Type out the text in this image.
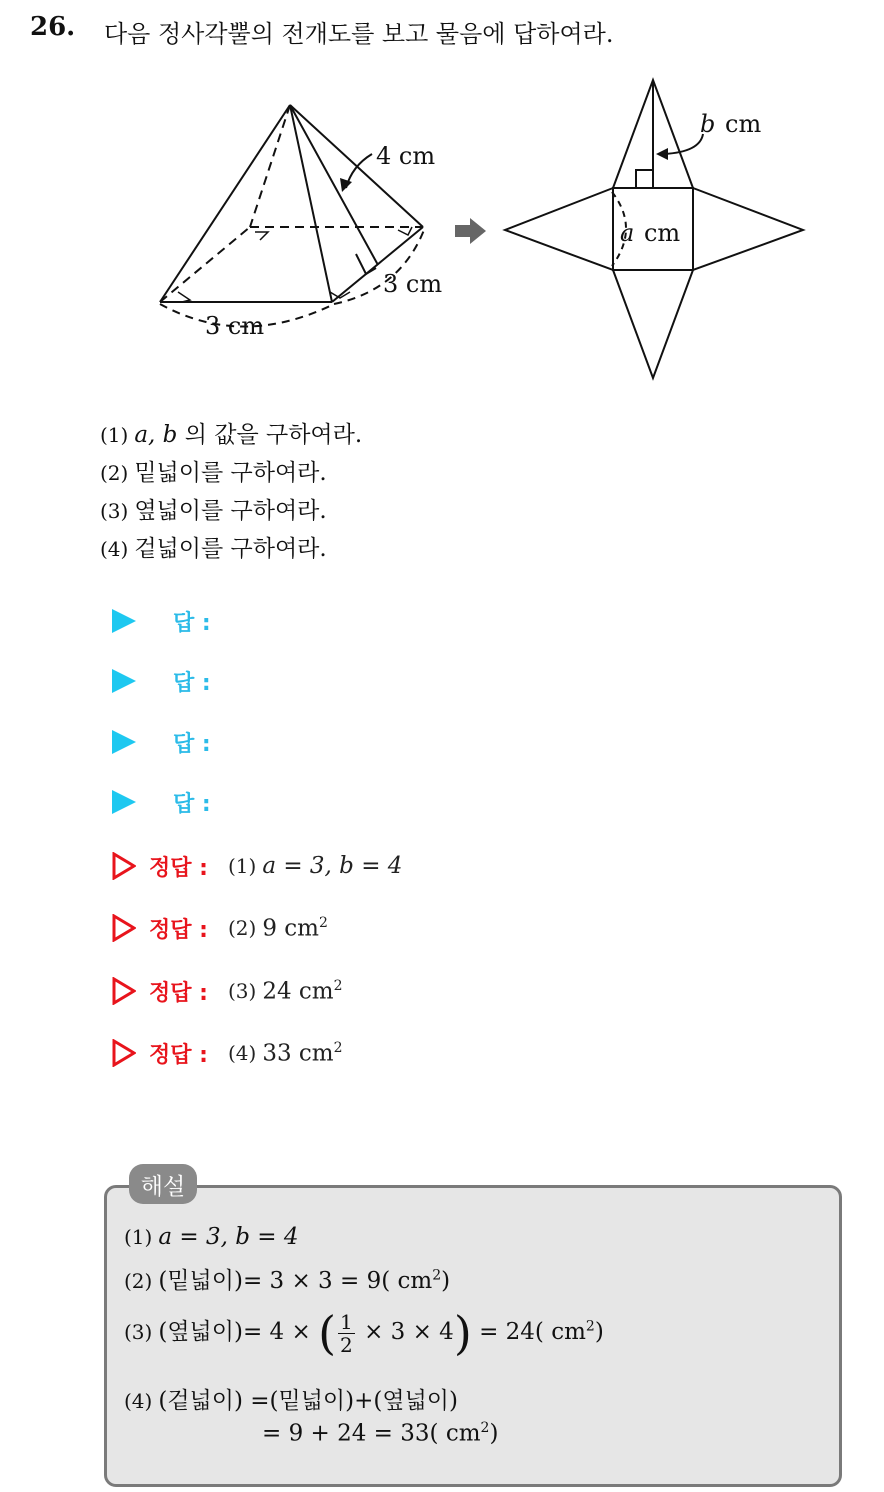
26. 다음 정사각뿔의 전개도를 보고 물음에 답하여라.
4 cm
3 cm
3 cm
b cm
a cm
(1) a, b 의 값을 구하여라.
(2) 밑넓이를 구하여라.
(3) 옆넓이를 구하여라.
(4) 겉넓이를 구하여라.
답 :
답 :
답 :
답 :
정답 : (1) a = 3, b = 4
정답 : (2) 9 $cm^2$
정답 : (3) 24 $cm^2$
정답 : (4) 33 $cm^2$
해설
(1) a = 3, b = 4
(2) (밑넓이)= 3 × 3 = 9( $cm^2$)
(3) (옆넓이)= 4 × ( $\frac{1}{2} \times 3 \times 4) = 24$( $cm^2$)
(4) (겉넓이) =(밑넓이)+(옆넓이)
= 9 + 24 = 33( $cm^2$)
